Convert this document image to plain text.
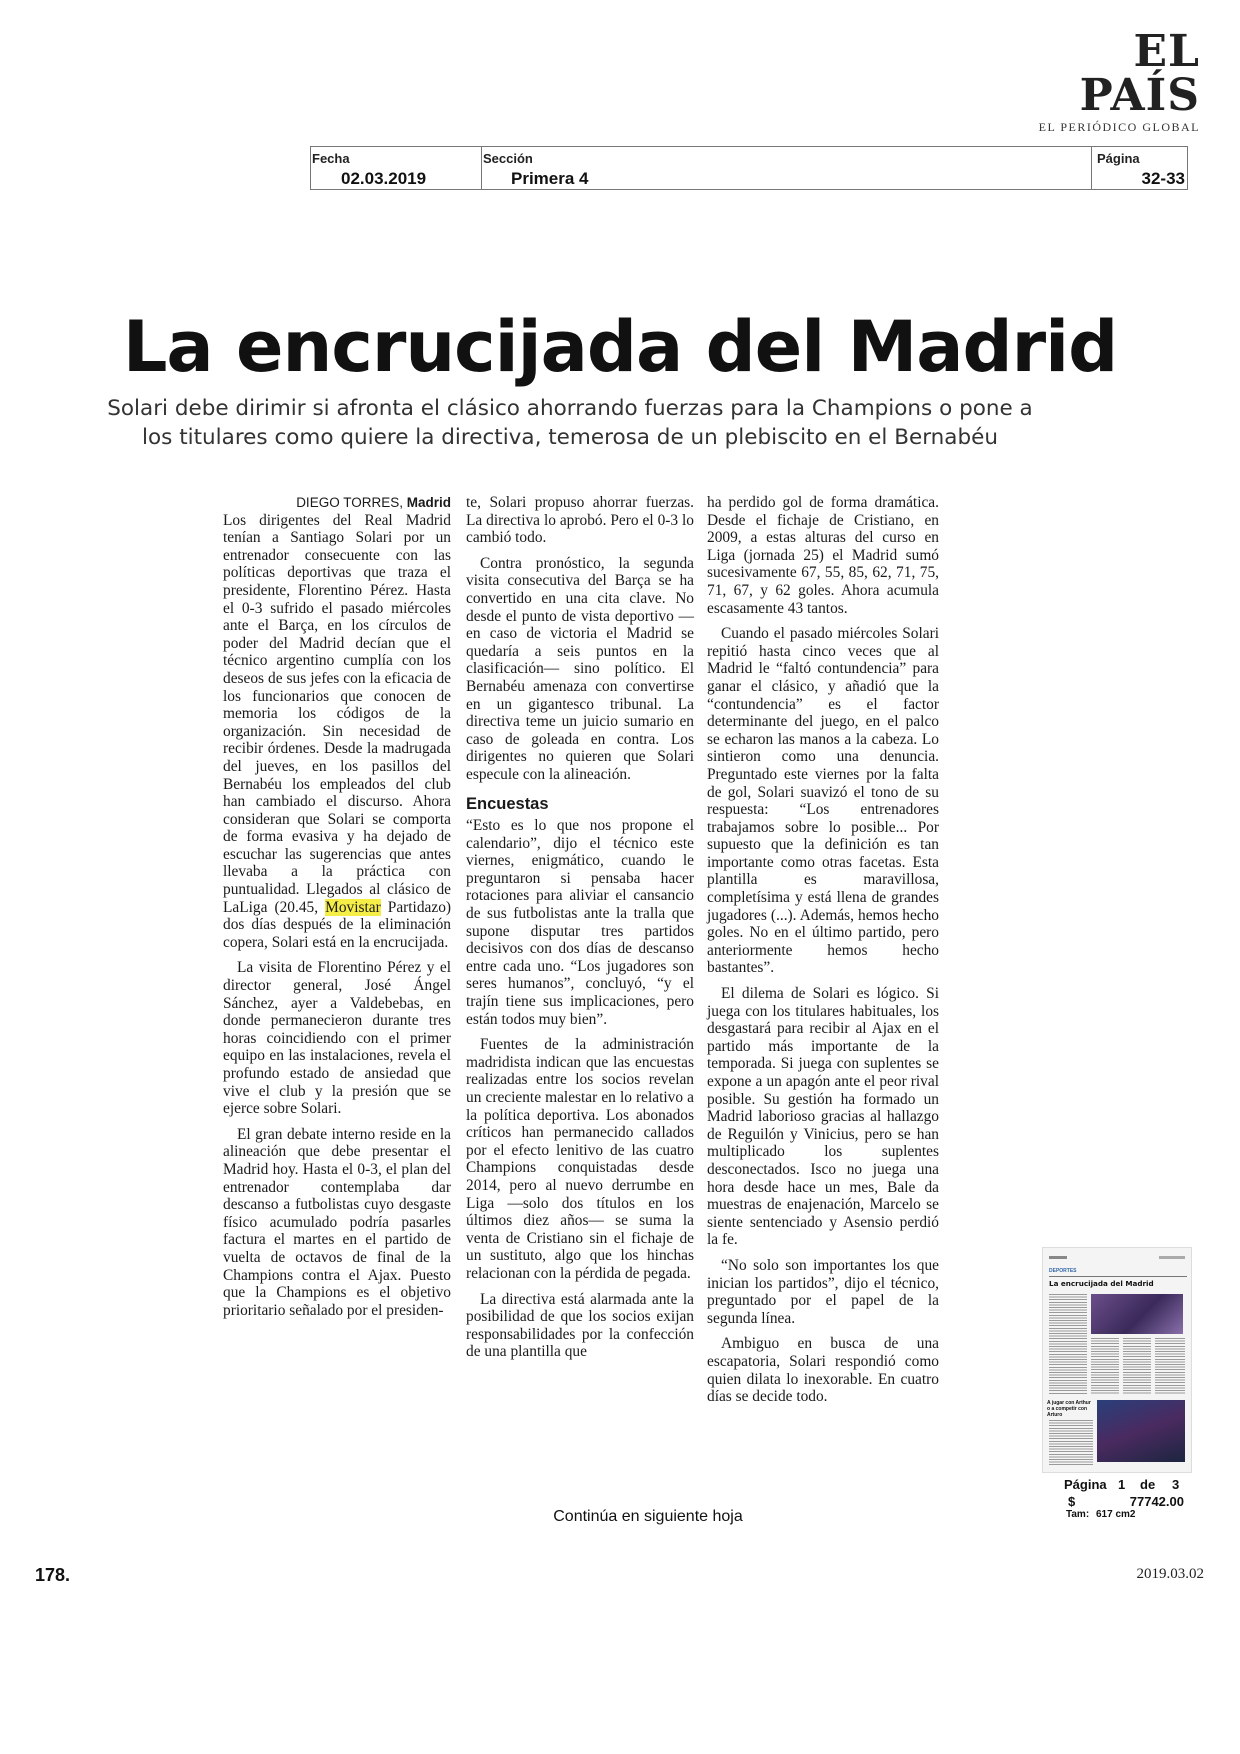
EL PAÍS
EL PERIÓDICO GLOBAL
Fecha
02.03.2019
Sección
Primera 4
Página
32-33
La encrucijada del Madrid

Solari debe dirimir si afronta el clásico ahorrando fuerzas para la Champions o pone a los titulares como quiere la directiva, temerosa de un plebiscito en el Bernabéu

DIEGO TORRES, Madrid

Los dirigentes del Real Madrid tenían a Santiago Solari por un entrenador consecuente con las políticas deportivas que traza el presidente, Florentino Pérez. Hasta el 0-3 sufrido el pasado miércoles ante el Barça, en los círculos de poder del Madrid decían que el técnico argentino cumplía con los deseos de sus jefes con la eficacia de los funcionarios que conocen de memoria los códigos de la organización. Sin necesidad de recibir órdenes. Desde la madrugada del jueves, en los pasillos del Bernabéu los empleados del club han cambiado el discurso. Ahora consideran que Solari se comporta de forma evasiva y ha dejado de escuchar las sugerencias que antes llevaba a la práctica con puntualidad. Llegados al clásico de LaLiga (20.45, Movistar Partidazo) dos días después de la eliminación copera, Solari está en la encrucijada.

La visita de Florentino Pérez y el director general, José Ángel Sánchez, ayer a Valdebebas, en donde permanecieron durante tres horas coincidiendo con el primer equipo en las instalaciones, revela el profundo estado de ansiedad que vive el club y la presión que se ejerce sobre Solari.

El gran debate interno reside en la alineación que debe presentar el Madrid hoy. Hasta el 0-3, el plan del entrenador contemplaba dar descanso a futbolistas cuyo desgaste físico acumulado podría pasarles factura el martes en el partido de vuelta de octavos de final de la Champions contra el Ajax. Puesto que la Champions es el objetivo prioritario señalado por el presiden-

te, Solari propuso ahorrar fuerzas. La directiva lo aprobó. Pero el 0-3 lo cambió todo.

Contra pronóstico, la segunda visita consecutiva del Barça se ha convertido en una cita clave. No desde el punto de vista deportivo —en caso de victoria el Madrid se quedaría a seis puntos en la clasificación— sino político. El Bernabéu amenaza con convertirse en un gigantesco tribunal. La directiva teme un juicio sumario en caso de goleada en contra. Los dirigentes no quieren que Solari especule con la alineación.

Encuestas

“Esto es lo que nos propone el calendario”, dijo el técnico este viernes, enigmático, cuando le preguntaron si pensaba hacer rotaciones para aliviar el cansancio de sus futbolistas ante la tralla que supone disputar tres partidos decisivos con dos días de descanso entre cada uno. “Los jugadores son seres humanos”, concluyó, “y el trajín tiene sus implicaciones, pero están todos muy bien”.

Fuentes de la administración madridista indican que las encuestas realizadas entre los socios revelan un creciente malestar en lo relativo a la política deportiva. Los abonados críticos han permanecido callados por el efecto lenitivo de las cuatro Champions conquistadas desde 2014, pero al nuevo derrumbe en Liga —solo dos títulos en los últimos diez años— se suma la venta de Cristiano sin el fichaje de un sustituto, algo que los hinchas relacionan con la pérdida de pegada.

La directiva está alarmada ante la posibilidad de que los socios exijan responsabilidades por la confección de una plantilla que

ha perdido gol de forma dramática. Desde el fichaje de Cristiano, en 2009, a estas alturas del curso en Liga (jornada 25) el Madrid sumó sucesivamente 67, 55, 85, 62, 71, 75, 71, 67, y 62 goles. Ahora acumula escasamente 43 tantos.

Cuando el pasado miércoles Solari repitió hasta cinco veces que al Madrid le “faltó contundencia” para ganar el clásico, y añadió que la “contundencia” es el factor determinante del juego, en el palco se echaron las manos a la cabeza. Lo sintieron como una denuncia. Preguntado este viernes por la falta de gol, Solari suavizó el tono de su respuesta: “Los entrenadores trabajamos sobre lo posible... Por supuesto que la definición es tan importante como otras facetas. Esta plantilla es maravillosa, completísima y está llena de grandes jugadores (...). Además, hemos hecho goles. No en el último partido, pero anteriormente hemos hecho bastantes”.

El dilema de Solari es lógico. Si juega con los titulares habituales, los desgastará para recibir al Ajax en el partido más importante de la temporada. Si juega con suplentes se expone a un apagón ante el peor rival posible. Su gestión ha formado un Madrid laborioso gracias al hallazgo de Reguilón y Vinicius, pero se han multiplicado los suplentes desconectados. Isco no juega una hora desde hace un mes, Bale da muestras de enajenación, Marcelo se siente sentenciado y Asensio perdió la fe.

“No solo son importantes los que inician los partidos”, dijo el técnico, preguntado por el papel de la segunda línea.

Ambiguo en busca de una escapatoria, Solari respondió como quien dilata lo inexorable. En cuatro días se decide todo.

DEPORTES
La encrucijada del Madrid
A jugar con Arthur o a competir con Arturo
Página 1 de 3
$	77742.00
Tam: 617 cm2
Continúa en siguiente hoja
178.	2019.03.02
